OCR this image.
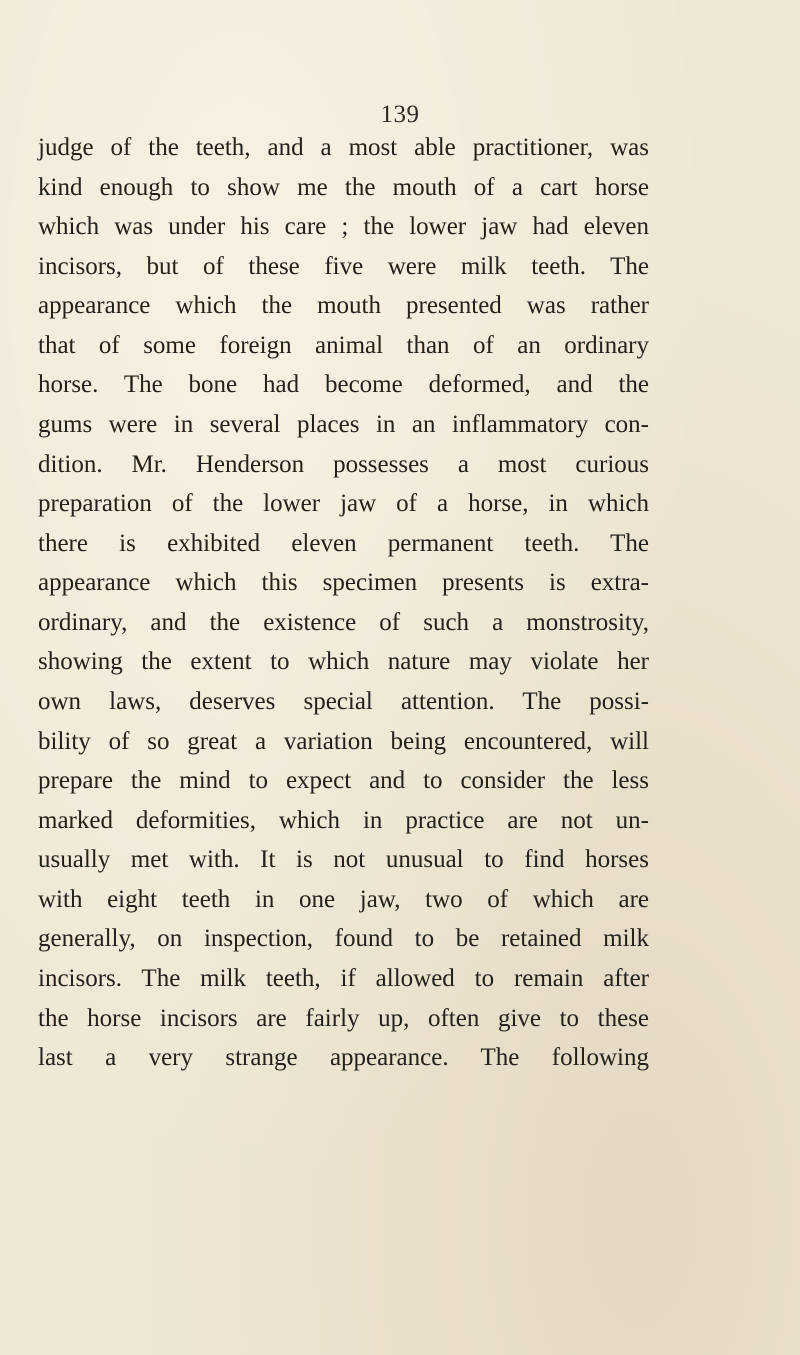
139
judge of the teeth, and a most able practitioner, was
kind enough to show me the mouth of a cart horse
which was under his care ; the lower jaw had eleven
incisors, but of these five were milk teeth. The
appearance which the mouth presented was rather
that of some foreign animal than of an ordinary
horse. The bone had become deformed, and the
gums were in several places in an inflammatory con-
dition. Mr. Henderson possesses a most curious
preparation of the lower jaw of a horse, in which
there is exhibited eleven permanent teeth. The
appearance which this specimen presents is extra-
ordinary, and the existence of such a monstrosity,
showing the extent to which nature may violate her
own laws, deserves special attention. The possi-
bility of so great a variation being encountered, will
prepare the mind to expect and to consider the less
marked deformities, which in practice are not un-
usually met with. It is not unusual to find horses
with eight teeth in one jaw, two of which are
generally, on inspection, found to be retained milk
incisors. The milk teeth, if allowed to remain after
the horse incisors are fairly up, often give to these
last a very strange appearance. The following
